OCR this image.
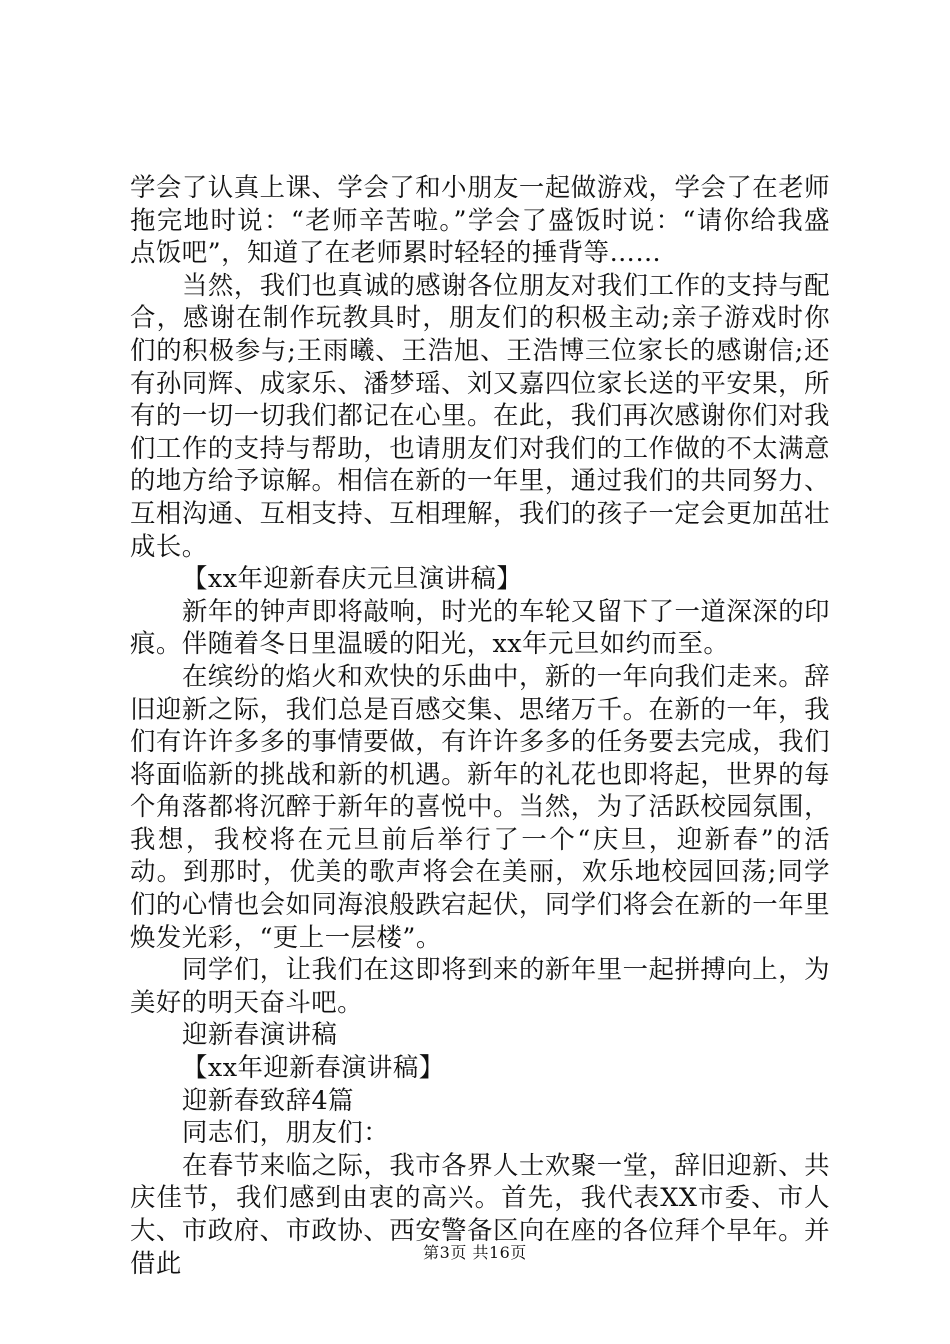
学会了认真上课、学会了和小朋友一起做游戏，学会了在老师拖完地时说：“老师辛苦啦。”学会了盛饭时说：“请你给我盛点饭吧”，知道了在老师累时轻轻的捶背等……

当然，我们也真诚的感谢各位朋友对我们工作的支持与配合，感谢在制作玩教具时，朋友们的积极主动;亲子游戏时你们的积极参与;王雨曦、王浩旭、王浩博三位家长的感谢信;还有孙同辉、成家乐、潘梦瑶、刘又嘉四位家长送的平安果，所有的一切一切我们都记在心里。在此，我们再次感谢你们对我们工作的支持与帮助，也请朋友们对我们的工作做的不太满意的地方给予谅解。相信在新的一年里，通过我们的共同努力、互相沟通、互相支持、互相理解，我们的孩子一定会更加茁壮成长。

【xx年迎新春庆元旦演讲稿】

新年的钟声即将敲响，时光的车轮又留下了一道深深的印痕。伴随着冬日里温暖的阳光，xx年元旦如约而至。

在缤纷的焰火和欢快的乐曲中，新的一年向我们走来。辞旧迎新之际，我们总是百感交集、思绪万千。在新的一年，我们有许许多多的事情要做，有许许多多的任务要去完成，我们将面临新的挑战和新的机遇。新年的礼花也即将起，世界的每个角落都将沉醉于新年的喜悦中。当然，为了活跃校园氛围，我想，我校将在元旦前后举行了一个“庆旦，迎新春”的活动。到那时，优美的歌声将会在美丽，欢乐地校园回荡;同学们的心情也会如同海浪般跌宕起伏，同学们将会在新的一年里焕发光彩，“更上一层楼”。

同学们，让我们在这即将到来的新年里一起拼搏向上，为美好的明天奋斗吧。

迎新春演讲稿

【xx年迎新春演讲稿】

迎新春致辞4篇

同志们，朋友们：

在春节来临之际，我市各界人士欢聚一堂，辞旧迎新、共庆佳节，我们感到由衷的高兴。首先，我代表XX市委、市人大、市政府、市政协、西安警备区向在座的各位拜个早年。并借此	第3页 共16页
